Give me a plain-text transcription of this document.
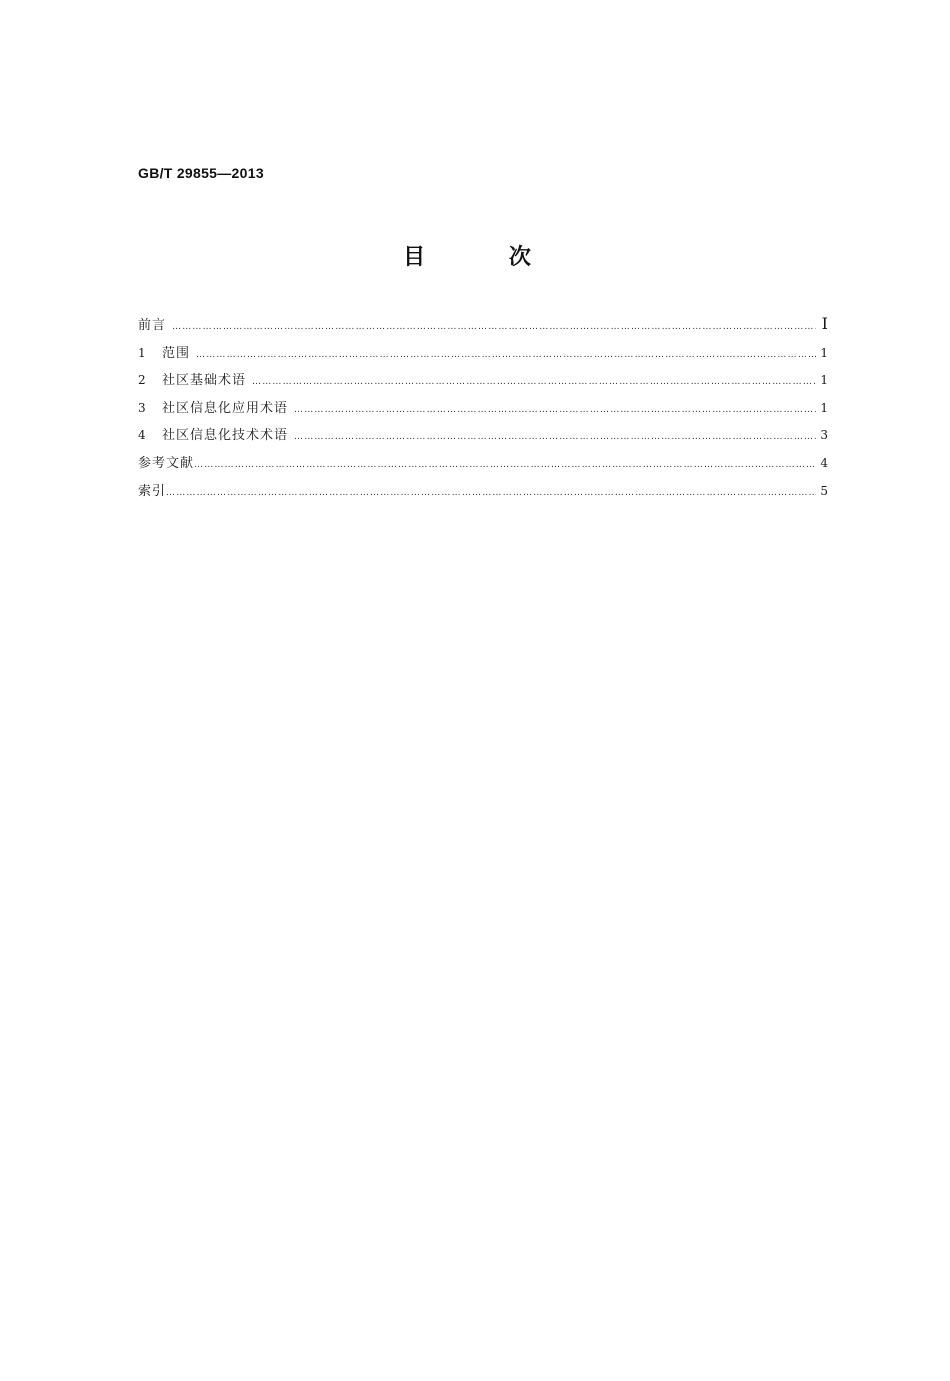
GB/T 29855—2013
目 次
前言 ………………………………………………………………………………………………………………………………………………………………………………………………………………………………	Ⅰ
1	范围 ………………………………………………………………………………………………………………………………………………………………………………………………………………………………	1
2	社区基础术语 ………………………………………………………………………………………………………………………………………………………………………………………………………………………………	1
3	社区信息化应用术语 ………………………………………………………………………………………………………………………………………………………………………………………………………………………………	1
4	社区信息化技术术语 ………………………………………………………………………………………………………………………………………………………………………………………………………………………………	3
参考文献 ………………………………………………………………………………………………………………………………………………………………………………………………………………………………	4
索引 ………………………………………………………………………………………………………………………………………………………………………………………………………………………………	5
